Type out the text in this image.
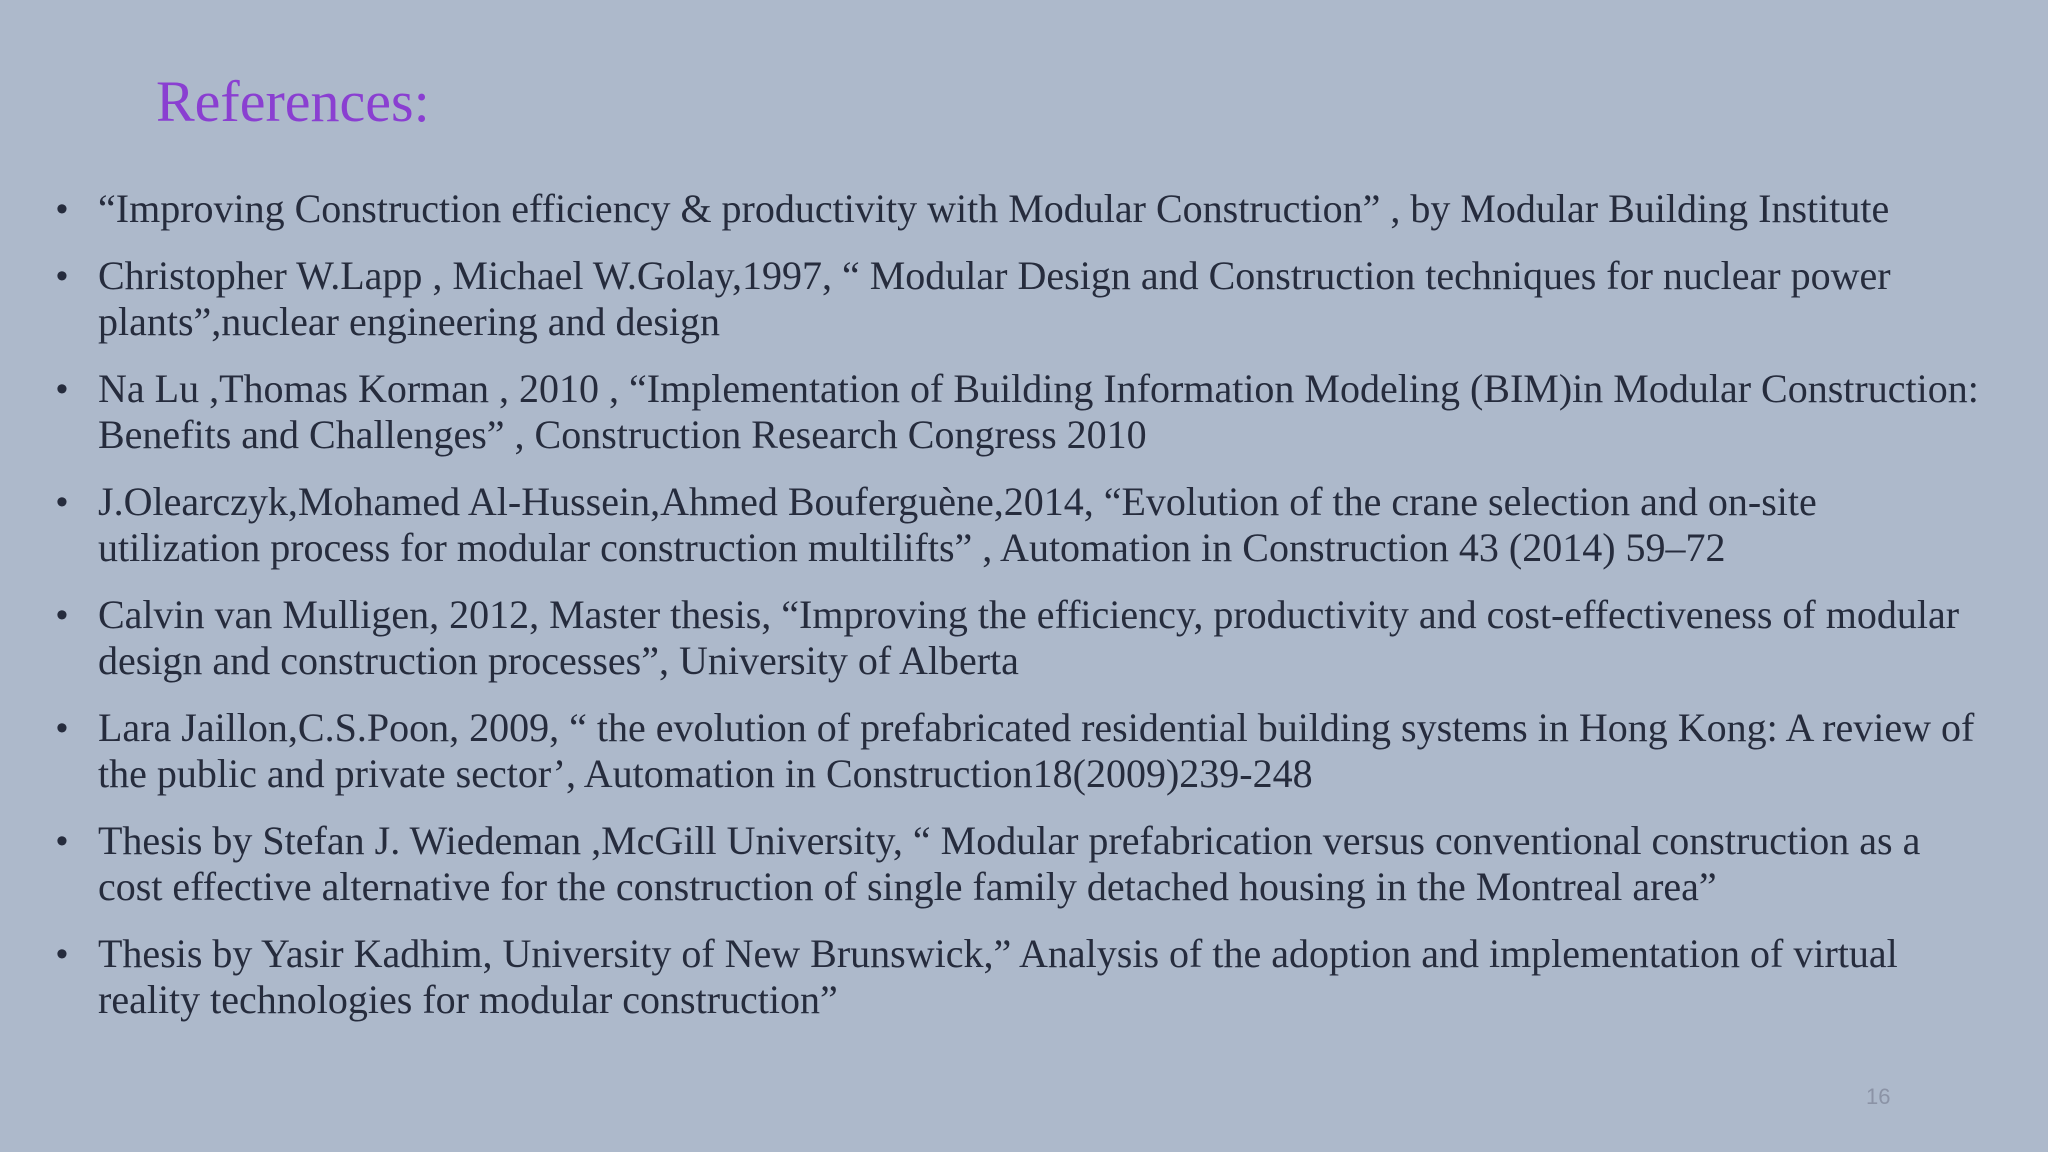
References:
• “Improving Construction efficiency & productivity with Modular Construction” , by Modular Building Institute
• Christopher W.Lapp , Michael W.Golay,1997, “ Modular Design and Construction techniques for nuclear power plants”,nuclear engineering and design
• Na Lu ,Thomas Korman , 2010 , “Implementation of Building Information Modeling (BIM)in Modular Construction: Benefits and Challenges” , Construction Research Congress 2010
• J.Olearczyk,Mohamed Al-Hussein,Ahmed Bouferguène,2014, “Evolution of the crane selection and on-site utilization process for modular construction multilifts” , Automation in Construction 43 (2014) 59–72
• Calvin van Mulligen, 2012, Master thesis, “Improving the efficiency, productivity and cost-effectiveness of modular design and construction processes”, University of Alberta
• Lara Jaillon,C.S.Poon, 2009, “ the evolution of prefabricated residential building systems in Hong Kong: A review of the public and private sector’, Automation in Construction18(2009)239-248
• Thesis by Stefan J. Wiedeman ,McGill University, “ Modular prefabrication versus conventional construction as a cost effective alternative for the construction of single family detached housing in the Montreal area”
• Thesis by Yasir Kadhim, University of New Brunswick,” Analysis of the adoption and implementation of virtual reality technologies for modular construction”
16
